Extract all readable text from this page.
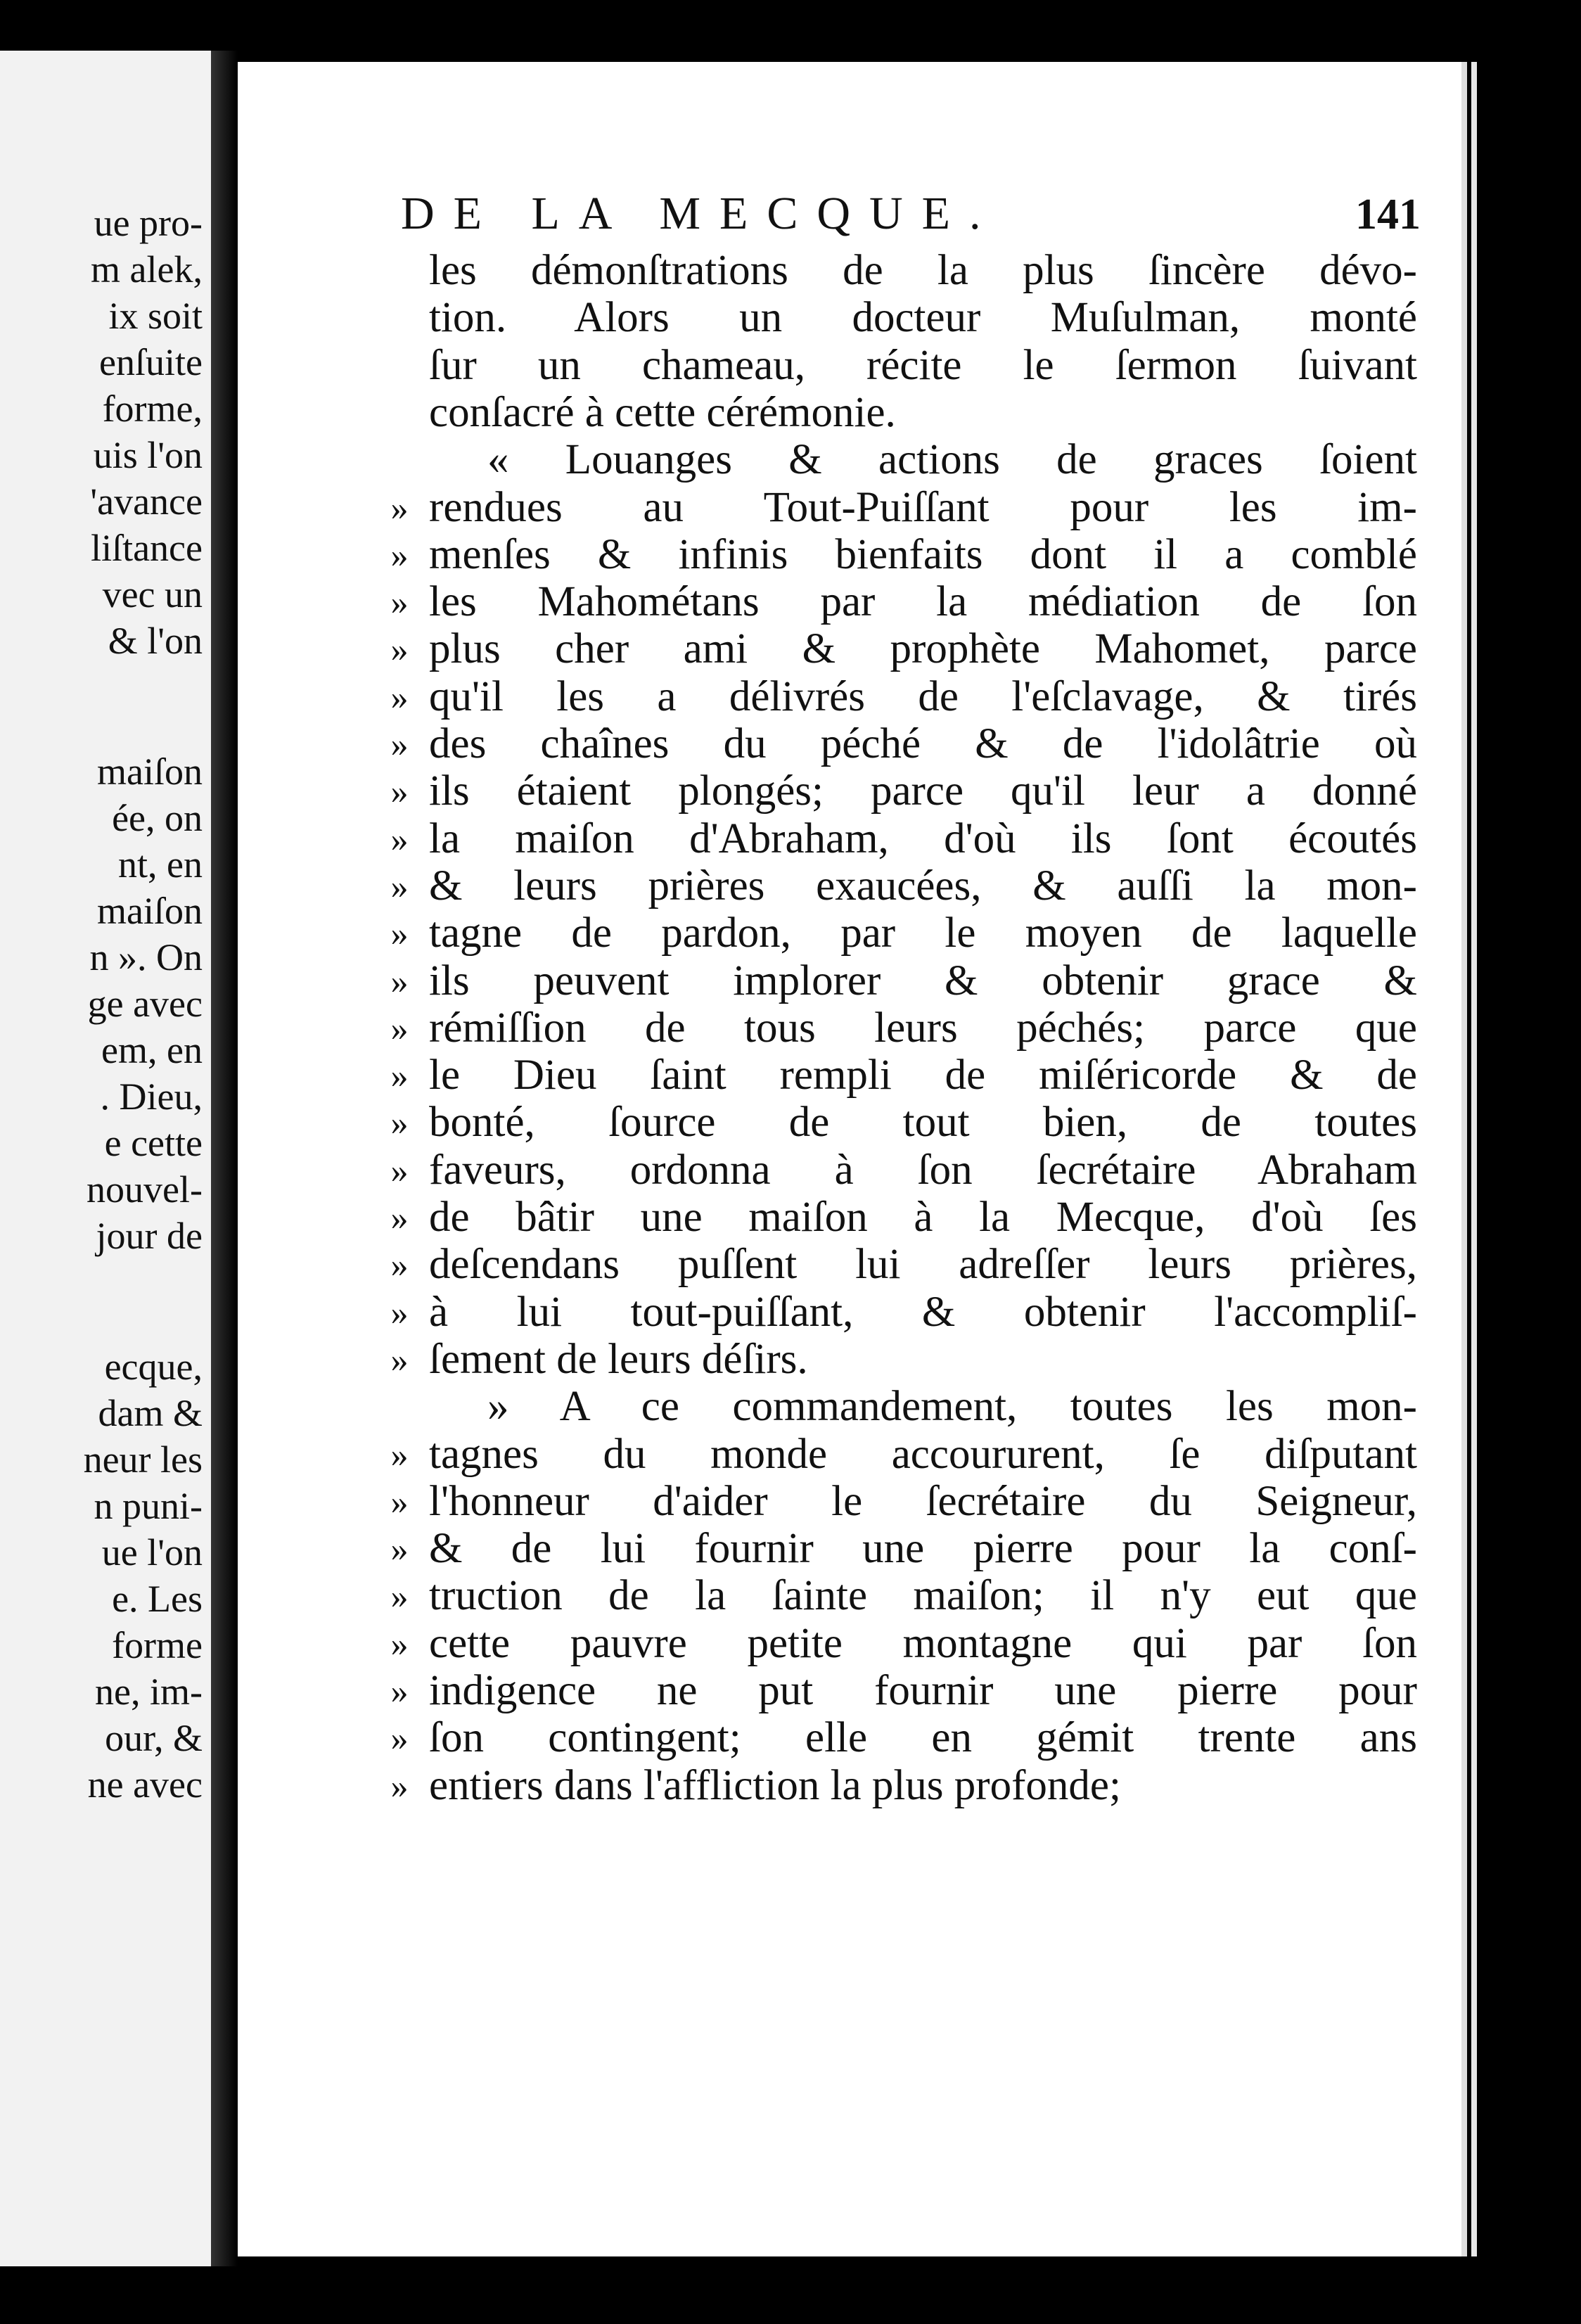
ue pro-

m alek,

ix soit

enſuite

forme,

uis l'on

'avance

liſtance

vec un

& l'on

maiſon

ée, on

nt, en

maiſon

n ». On

ge avec

em, en

. Dieu,

e cette

nouvel-

jour de

ecque,

dam &

neur les

n puni-

ue l'on

e. Les

forme

ne, im-

our, &

ne avec

DE LA MECQUE.	141

les démonſtrations de la plus ſincère dévo-

tion. Alors un docteur Muſulman, monté

ſur un chameau, récite le ſermon ſuivant

conſacré à cette cérémonie.

« Louanges & actions de graces ſoient

rendues au Tout-Puiſſant pour les im-

»

menſes & infinis bienfaits dont il a comblé

»

les Mahométans par la médiation de ſon

»

plus cher ami & prophète Mahomet, parce

»

qu'il les a délivrés de l'eſclavage, & tirés

»

des chaînes du péché & de l'idolâtrie où

»

ils étaient plongés; parce qu'il leur a donné

»

la maiſon d'Abraham, d'où ils ſont écoutés

»

& leurs prières exaucées, & auſſi la mon-

»

tagne de pardon, par le moyen de laquelle

»

ils peuvent implorer & obtenir grace &

»

rémiſſion de tous leurs péchés; parce que

»

le Dieu ſaint rempli de miſéricorde & de

»

bonté, ſource de tout bien, de toutes

»

faveurs, ordonna à ſon ſecrétaire Abraham

»

de bâtir une maiſon à la Mecque, d'où ſes

»

deſcendans puſſent lui adreſſer leurs prières,

»

à lui tout-puiſſant, & obtenir l'accompliſ-

»

ſement de leurs déſirs.

»

» A ce commandement, toutes les mon-

tagnes du monde accoururent, ſe diſputant

»

l'honneur d'aider le ſecrétaire du Seigneur,

»

& de lui fournir une pierre pour la conſ-

»

truction de la ſainte maiſon; il n'y eut que

»

cette pauvre petite montagne qui par ſon

»

indigence ne put fournir une pierre pour

»

ſon contingent; elle en gémit trente ans

»

entiers dans l'affliction la plus profonde;

»
